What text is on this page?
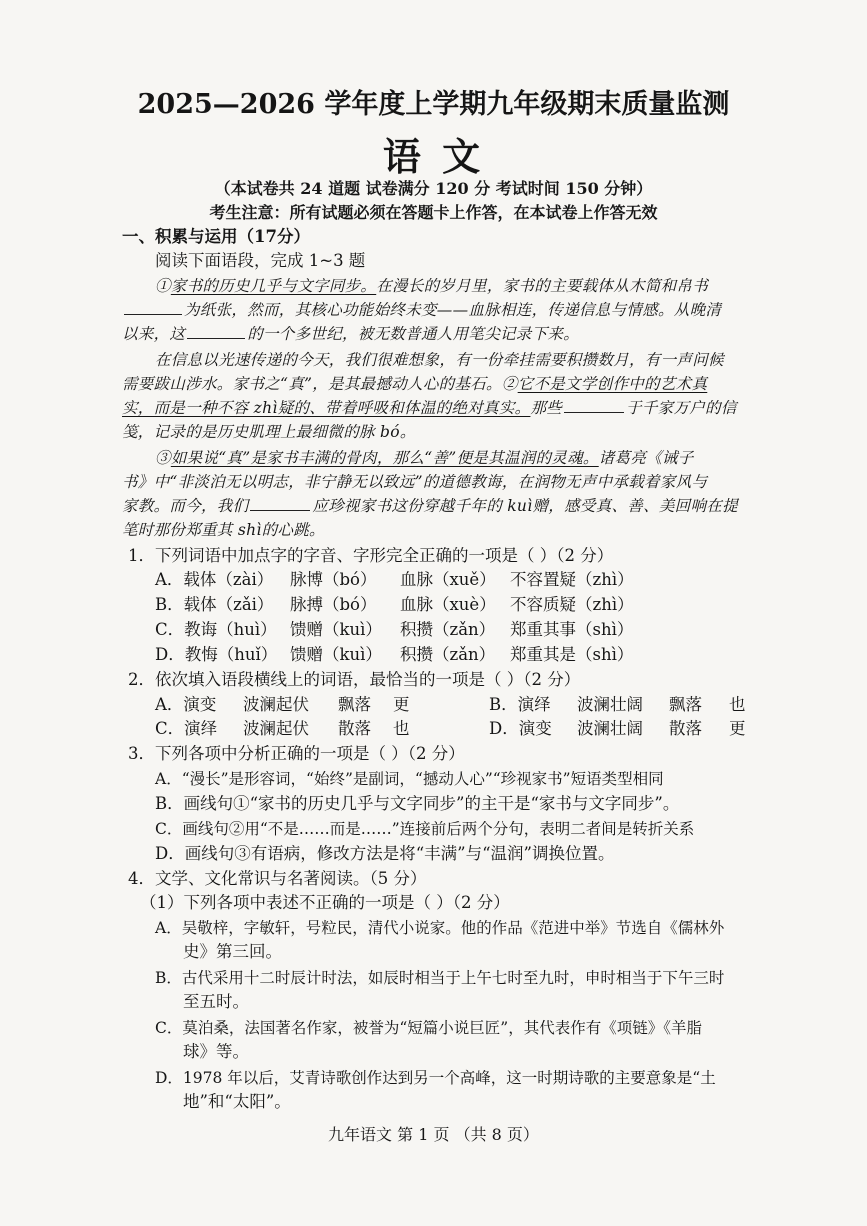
2025—2026 学年度上学期九年级期末质量监测
语 文
（本试卷共 24 道题 试卷满分 120 分 考试时间 150 分钟）
考生注意：所有试题必须在答题卡上作答，在本试卷上作答无效
一、积累与运用（17分）
阅读下面语段，完成 1~3 题
①家书的历史几乎与文字同步。在漫长的岁月里，家书的主要载体从木简和帛书
为纸张，然而，其核心功能始终未变——血脉相连，传递信息与情感。从晚清
以来，这	的一个多世纪，被无数普通人用笔尖记录下来。
在信息以光速传递的今天，我们很难想象，有一份牵挂需要积攒数月，有一声问候
需要跋山涉水。家书之“真”，是其最撼动人心的基石。②它不是文学创作中的艺术真
实，而是一种不容 zhì疑的、带着呼吸和体温的绝对真实。那些	于千家万户的信
笺，记录的是历史肌理上最细微的脉 bó。
③如果说“真”是家书丰满的骨肉，那么“善”便是其温润的灵魂。诸葛亮《诫子
书》中“非淡泊无以明志，非宁静无以致远”的道德教诲，在润物无声中承载着家风与
家教。而今，我们	应珍视家书这份穿越千年的 kuì赠，感受真、善、美回响在提
笔时那份郑重其 shì的心跳。
1．下列词语中加点字的字音、字形完全正确的一项是（ ）（2 分）
A．载体（zài） 脉博（bó） 血脉（xuě） 不容置疑（zhì）
B．载体（zǎi） 脉搏（bó） 血脉（xuè） 不容质疑（zhì）
C．教诲（huì） 馈赠（kuì） 积攒（zǎn） 郑重其事（shì）
D．教悔（huǐ） 馈赠（kuì） 积攒（zǎn） 郑重其是（shì）
2．依次填入语段横线上的词语，最恰当的一项是（ ）（2 分）
A．演变 波澜起伏 飘落 更	B．演绎 波澜壮阔 飘落 也
C．演绎 波澜起伏 散落 也	D．演变 波澜壮阔 散落 更
3．下列各项中分析正确的一项是（ ）（2 分）
A．“漫长”是形容词，“始终”是副词，“撼动人心”“珍视家书”短语类型相同
B．画线句①“家书的历史几乎与文字同步”的主干是“家书与文字同步”。
C．画线句②用“不是……而是……”连接前后两个分句，表明二者间是转折关系
D．画线句③有语病，修改方法是将“丰满”与“温润”调换位置。
4．文学、文化常识与名著阅读。（5 分）
（1）下列各项中表述不正确的一项是（ ）（2 分）
A．吴敬梓，字敏轩，号粒民，清代小说家。他的作品《范进中举》节选自《儒林外
史》第三回。
B．古代采用十二时辰计时法，如辰时相当于上午七时至九时，申时相当于下午三时
至五时。
C．莫泊桑，法国著名作家，被誉为“短篇小说巨匠”，其代表作有《项链》《羊脂
球》等。
D．1978 年以后，艾青诗歌创作达到另一个高峰，这一时期诗歌的主要意象是“土
地”和“太阳”。
九年语文 第 1 页 （共 8 页）
